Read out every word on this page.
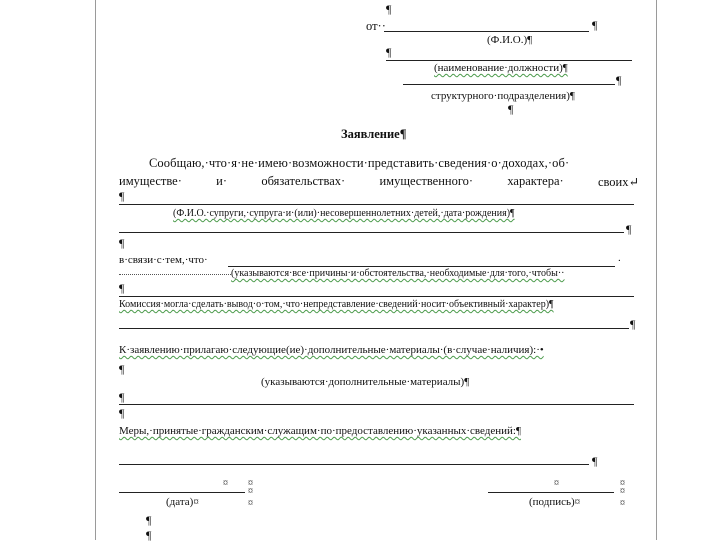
¶
от··	¶
(Ф.И.О.)¶
¶
(наименование·должности)¶
¶
структурного·подразделения)¶
¶
Заявление¶
Сообщаю,·что·я·не·имею·возможности·представить·сведения·о·доходах,·об·
имуществе·	и·	обязательствах·	имущественного·	характера·	своих↵
¶
(Ф.И.О.·супруги,·супруга·и·(или)·несовершеннолетних·детей,·дата·рождения)¶
¶
¶
в·связи·с·тем,·что·	.
(указываются·все·причины·и·обстоятельства,·необходимые·для·того,·чтобы··
¶
Комиссия·могла·сделать·вывод·о·том,·что·непредставление·сведений·носит·объективный·характер)¶
¶
К·заявлению·прилагаю·следующие(ие)·дополнительные·материалы·(в·случае·наличия):·•
¶
(указываются·дополнительные·материалы)¶
¶
¶
Меры,·принятые·гражданским·служащим·по·предоставлению·указанных·сведений:¶
¶
¤ ¤	¤	¤
¤	¤
(дата)¤	¤	(подпись)¤	¤
¶
¶
